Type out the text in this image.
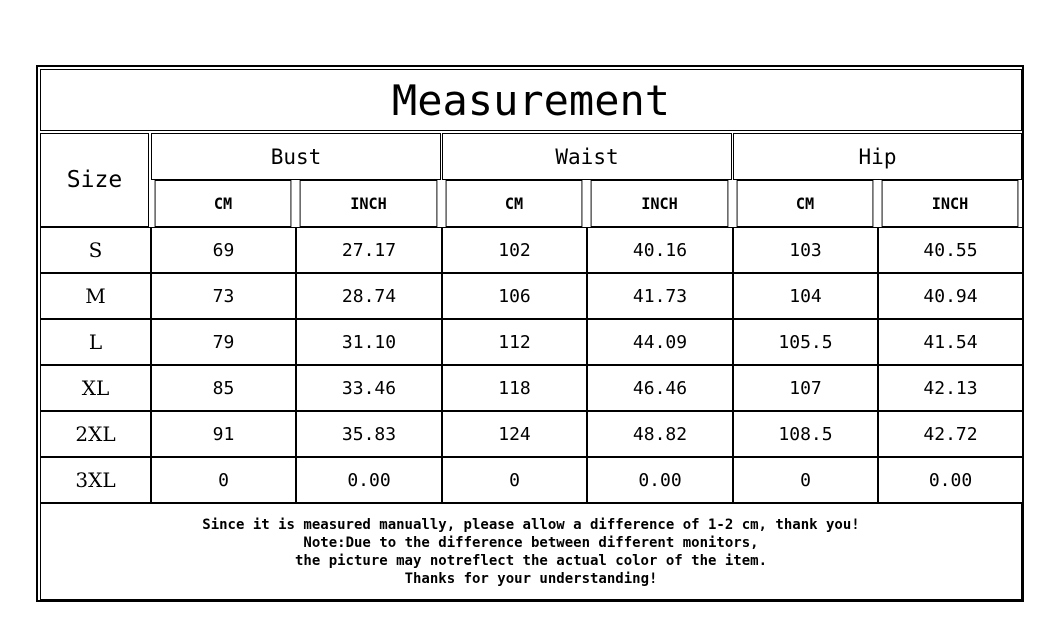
Measurement
Size
Bust
CM	INCH
Waist
CM	INCH
Hip
CM	INCH
S	69	27.17	102	40.16	103	40.55
M	73	28.74	106	41.73	104	40.94
L	79	31.10	112	44.09	105.5	41.54
XL	85	33.46	118	46.46	107	42.13
2XL	91	35.83	124	48.82	108.5	42.72
3XL	0	0.00	0	0.00	0	0.00
Since it is measured manually, please allow a difference of 1-2 cm, thank you!
Note:Due to the difference between different monitors,
the picture may notreflect the actual color of the item.
Thanks for your understanding!
